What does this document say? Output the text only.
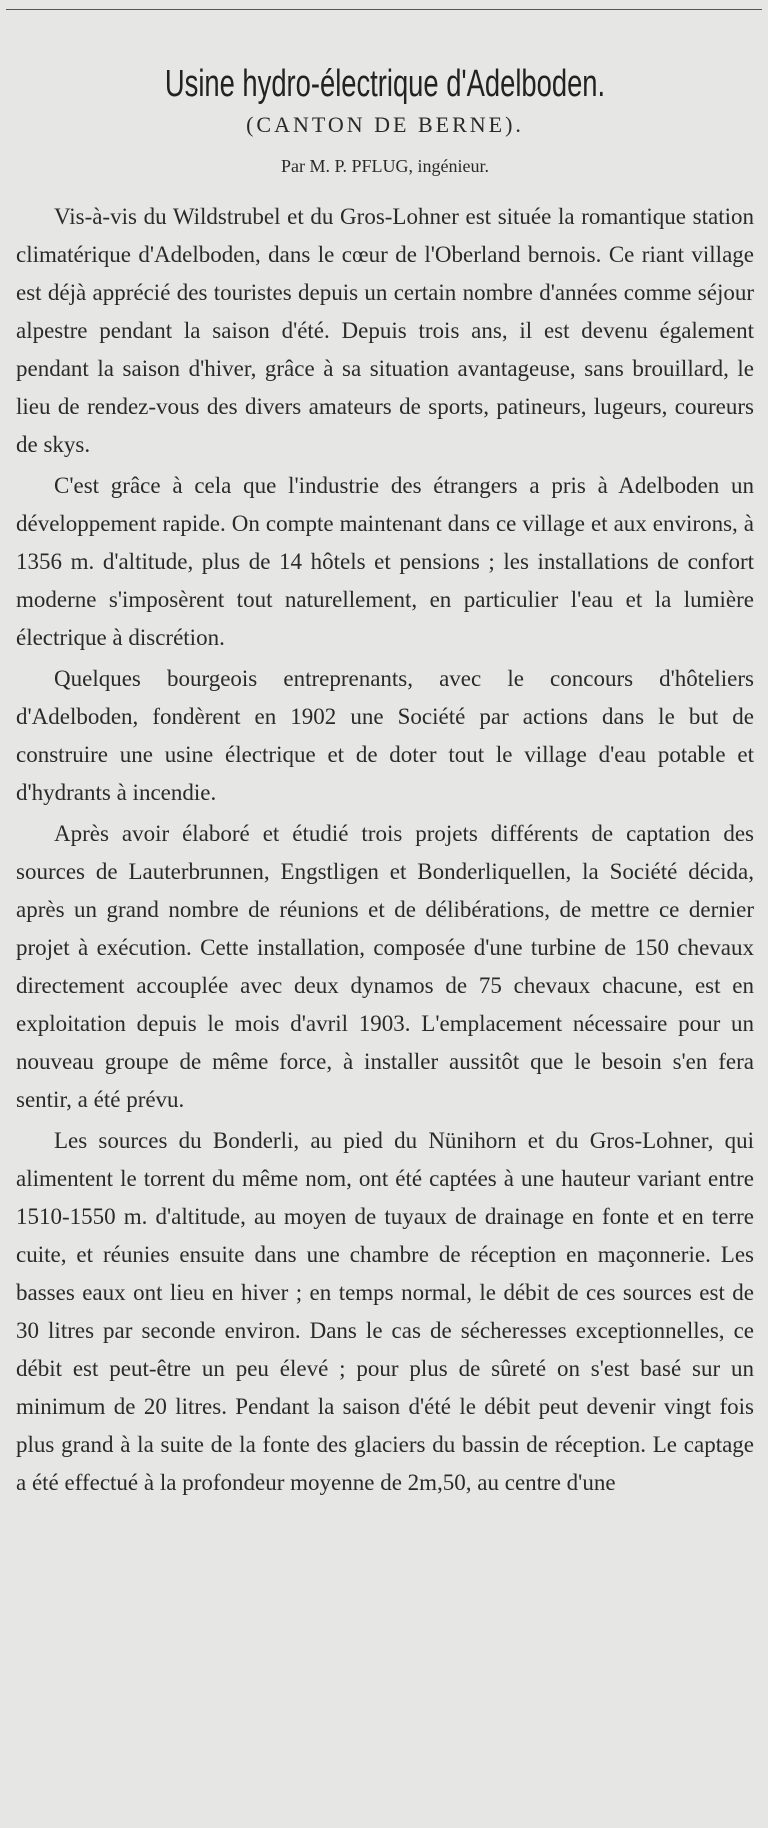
Usine hydro-électrique d'Adelboden.
(CANTON DE BERNE).
Par M. P. PFLUG, ingénieur.

Vis-à-vis du Wildstrubel et du Gros-Lohner est située la romantique station climatérique d'Adelboden, dans le cœur de l'Oberland bernois. Ce riant village est déjà apprécié des touristes depuis un certain nombre d'années comme séjour alpestre pendant la saison d'été. Depuis trois ans, il est devenu également pendant la saison d'hiver, grâce à sa situation avantageuse, sans brouillard, le lieu de rendez-vous des divers amateurs de sports, patineurs, lugeurs, coureurs de skys.

C'est grâce à cela que l'industrie des étrangers a pris à Adelboden un développement rapide. On compte maintenant dans ce village et aux environs, à 1356 m. d'altitude, plus de 14 hôtels et pensions ; les installations de confort moderne s'imposèrent tout naturellement, en particulier l'eau et la lumière électrique à discrétion.

Quelques bourgeois entreprenants, avec le concours d'hôteliers d'Adelboden, fondèrent en 1902 une Société par actions dans le but de construire une usine électrique et de doter tout le village d'eau potable et d'hydrants à incendie.

Après avoir élaboré et étudié trois projets différents de captation des sources de Lauterbrunnen, Engstligen et Bonderliquellen, la Société décida, après un grand nombre de réunions et de délibérations, de mettre ce dernier projet à exécution. Cette installation, composée d'une turbine de 150 chevaux directement accouplée avec deux dynamos de 75 chevaux chacune, est en exploitation depuis le mois d'avril 1903. L'emplacement nécessaire pour un nouveau groupe de même force, à installer aussitôt que le besoin s'en fera sentir, a été prévu.

Les sources du Bonderli, au pied du Nünihorn et du Gros-Lohner, qui alimentent le torrent du même nom, ont été captées à une hauteur variant entre 1510-1550 m. d'altitude, au moyen de tuyaux de drainage en fonte et en terre cuite, et réunies ensuite dans une chambre de réception en maçonnerie. Les basses eaux ont lieu en hiver ; en temps normal, le débit de ces sources est de 30 litres par seconde environ. Dans le cas de sécheresses exceptionnelles, ce débit est peut-être un peu élevé ; pour plus de sûreté on s'est basé sur un minimum de 20 litres. Pendant la saison d'été le débit peut devenir vingt fois plus grand à la suite de la fonte des glaciers du bassin de réception. Le captage a été effectué à la profondeur moyenne de 2m,50, au centre d'une
